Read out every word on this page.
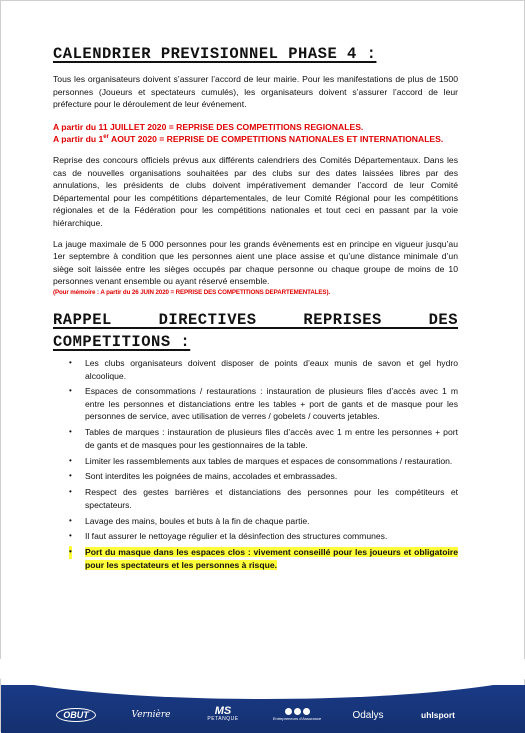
CALENDRIER PREVISIONNEL PHASE 4 :

Tous les organisateurs doivent s’assurer l’accord de leur mairie. Pour les manifestations de plus de 1500 personnes (Joueurs et spectateurs cumulés), les organisateurs doivent s’assurer l’accord de leur préfecture pour le déroulement de leur événement.

A partir du 11 JUILLET 2020 = REPRISE DES COMPETITIONS REGIONALES.

A partir du 1er AOUT 2020 = REPRISE DE COMPETITIONS NATIONALES ET INTERNATIONALES.

Reprise des concours officiels prévus aux différents calendriers des Comités Départementaux. Dans les cas de nouvelles organisations souhaitées par des clubs sur des dates laissées libres par des annulations, les présidents de clubs doivent impérativement demander l’accord de leur Comité Départemental pour les compétitions départementales, de leur Comité Régional pour les compétitions régionales et de la Fédération pour les compétitions nationales et tout ceci en passant par la voie hiérarchique.

La jauge maximale de 5 000 personnes pour les grands évènements est en principe en vigueur jusqu’au 1er septembre à condition que les personnes aient une place assise et qu’une distance minimale d’un siège soit laissée entre les sièges occupés par chaque personne ou chaque groupe de moins de 10 personnes venant ensemble ou ayant réservé ensemble.

(Pour mémoire : A partir du 26 JUIN 2020 = REPRISE DES COMPETITIONS DEPARTEMENTALES).

RAPPEL DIRECTIVES REPRISES DES
COMPETITIONS :
• Les clubs organisateurs doivent disposer de points d’eaux munis de savon et gel hydro alcoolique.
• Espaces de consommations / restaurations : instauration de plusieurs files d’accès avec 1 m entre les personnes et distanciations entre les tables + port de gants et de masque pour les personnes de service, avec utilisation de verres / gobelets / couverts jetables.
• Tables de marques : instauration de plusieurs files d’accès avec 1 m entre les personnes + port de gants et de masques pour les gestionnaires de la table.
• Limiter les rassemblements aux tables de marques et espaces de consommations / restauration.
• Sont interdites les poignées de mains, accolades et embrassades.
• Respect des gestes barrières et distanciations des personnes pour les compétiteurs et spectateurs.
• Lavage des mains, boules et buts à la fin de chaque partie.
• Il faut assurer le nettoyage régulier et la désinfection des structures communes.
• Port du masque dans les espaces clos : vivement conseillé pour les joueurs et obligatoire pour les spectateurs et les personnes à risque.
OBUT	Vernière	MS
PETANQUE	Entrepreneurs d'Assurance	Odalys	uhlsport
